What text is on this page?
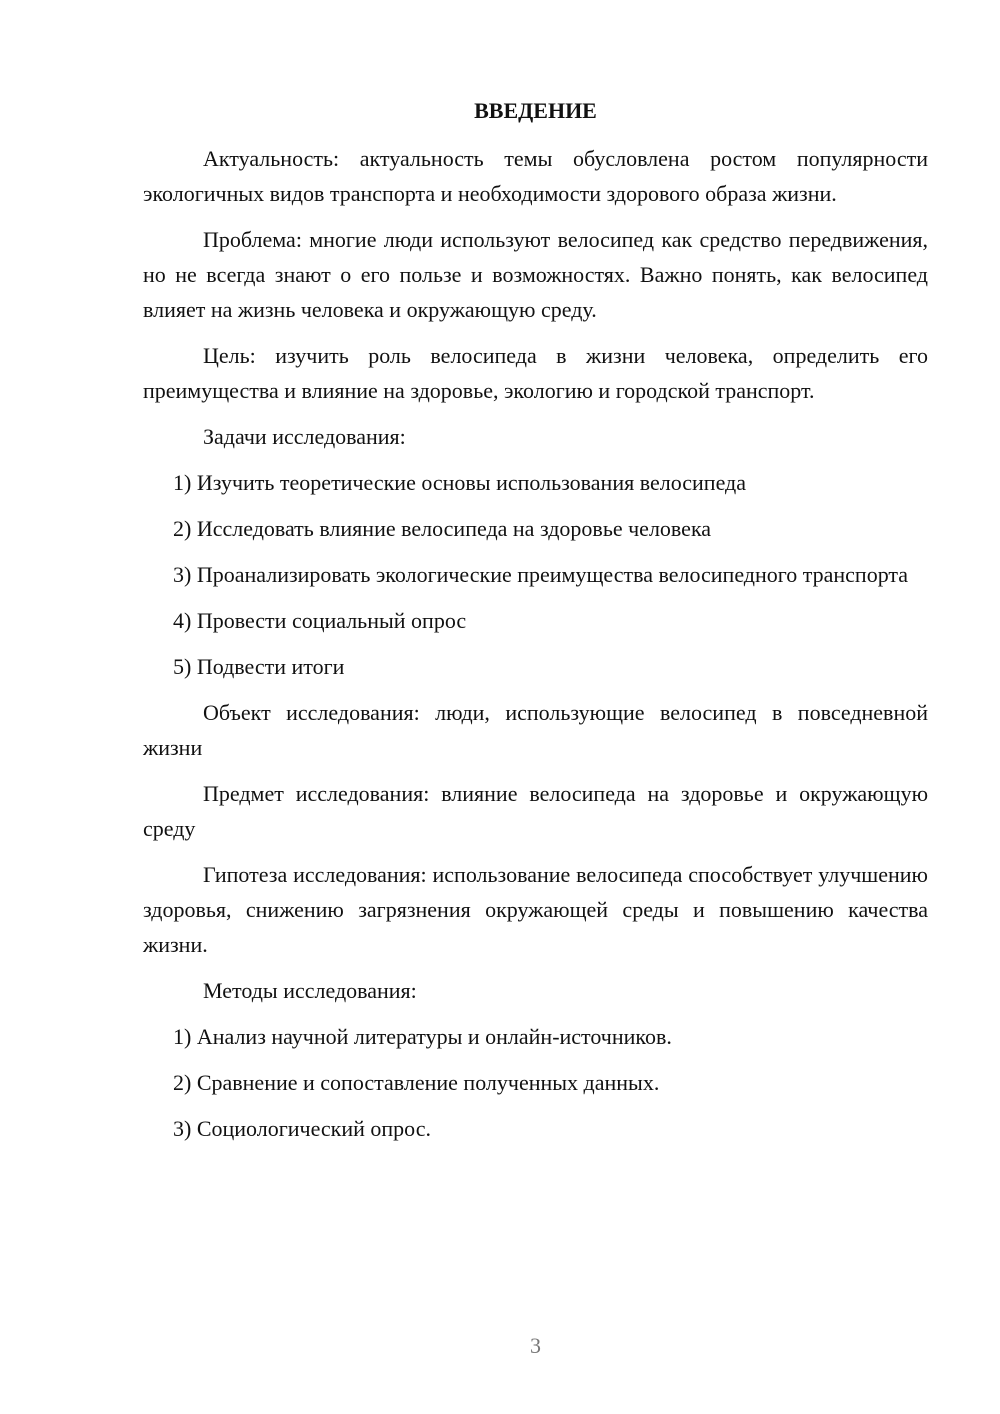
ВВЕДЕНИЕ

Актуальность: актуальность темы обусловлена ростом популярности экологичных видов транспорта и необходимости здорового образа жизни.

Проблема: многие люди используют велосипед как средство передвижения, но не всегда знают о его пользе и возможностях. Важно понять, как велосипед влияет на жизнь человека и окружающую среду.

Цель: изучить роль велосипеда в жизни человека, определить его преимущества и влияние на здоровье, экологию и городской транспорт.

Задачи исследования:

1) Изучить теоретические основы использования велосипеда

2) Исследовать влияние велосипеда на здоровье человека

3) Проанализировать экологические преимущества велосипедного транспорта

4) Провести социальный опрос

5) Подвести итоги

Объект исследования: люди, использующие велосипед в повседневной жизни

Предмет исследования: влияние велосипеда на здоровье и окружающую среду

Гипотеза исследования: использование велосипеда способствует улучшению здоровья, снижению загрязнения окружающей среды и повышению качества жизни.

Методы исследования:

1) Анализ научной литературы и онлайн-источников.

2) Сравнение и сопоставление полученных данных.

3) Социологический опрос.

3
